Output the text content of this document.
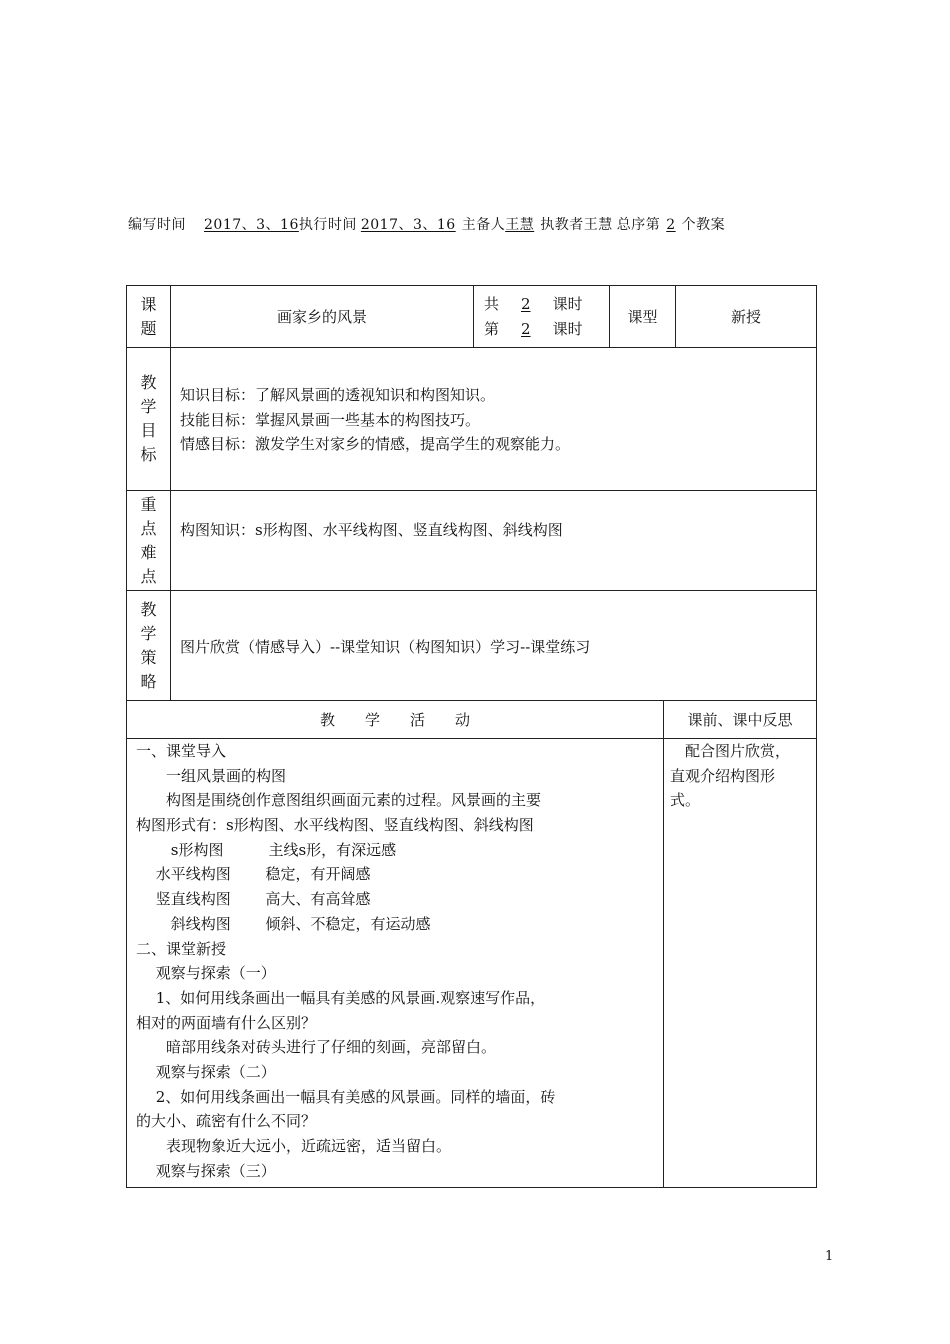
编写时间 2017、3、16执行时间 2017、3、16 主备人王慧 执教者王慧 总序第 2 个教案
课题
画家乡的风景
共 2 课时
第 2 课时
课型	新授
教学目标
知识目标：了解风景画的透视知识和构图知识。
技能目标：掌握风景画一些基本的构图技巧。
情感目标：激发学生对家乡的情感，提高学生的观察能力。
重点难点
构图知识：s形构图、水平线构图、竖直线构图、斜线构图
教学策略
图片欣赏（情感导入）--课堂知识（构图知识）学习--课堂练习
教　　学　　活　　动	课前、课中反思
一、课堂导入
　　一组风景画的构图
　　构图是围绕创作意图组织画面元素的过程。风景画的主要
构图形式有：s形构图、水平线构图、竖直线构图、斜线构图
　　 s形构图　　　主线s形，有深远感
　 水平线构图　　 稳定，有开阔感
　 竖直线构图　　 高大、有高耸感
　　 斜线构图　　 倾斜、不稳定，有运动感
二、课堂新授
　 观察与探索（一）
　 1、如何用线条画出一幅具有美感的风景画.观察速写作品，
相对的两面墙有什么区别？
　　暗部用线条对砖头进行了仔细的刻画，亮部留白。
　 观察与探索（二）
　 2、如何用线条画出一幅具有美感的风景画。同样的墙面，砖
的大小、疏密有什么不同？
　　表现物象近大远小，近疏远密，适当留白。
　 观察与探索（三）
　配合图片欣赏，
直观介绍构图形
式。
1
